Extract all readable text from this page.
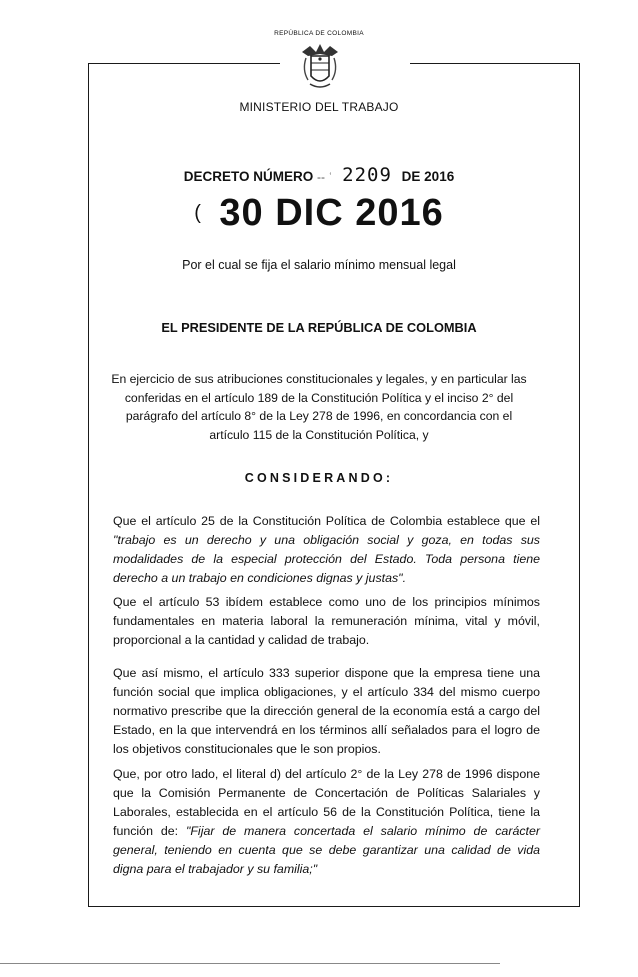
REPÚBLICA DE COLOMBIA
MINISTERIO DEL TRABAJO
DECRETO NÚMERO -- ʿ 2209 DE 2016
( 30 DIC 2016
Por el cual se fija el salario mínimo mensual legal
EL PRESIDENTE DE LA REPÚBLICA DE COLOMBIA
En ejercicio de sus atribuciones constitucionales y legales, y en particular las conferidas en el artículo 189 de la Constitución Política y el inciso 2° del parágrafo del artículo 8° de la Ley 278 de 1996, en concordancia con el artículo 115 de la Constitución Política, y
CONSIDERANDO:
Que el artículo 25 de la Constitución Política de Colombia establece que el "trabajo es un derecho y una obligación social y goza, en todas sus modalidades de la especial protección del Estado. Toda persona tiene derecho a un trabajo en condiciones dignas y justas".
Que el artículo 53 ibídem establece como uno de los principios mínimos fundamentales en materia laboral la remuneración mínima, vital y móvil, proporcional a la cantidad y calidad de trabajo.
Que así mismo, el artículo 333 superior dispone que la empresa tiene una función social que implica obligaciones, y el artículo 334 del mismo cuerpo normativo prescribe que la dirección general de la economía está a cargo del Estado, en la que intervendrá en los términos allí señalados para el logro de los objetivos constitucionales que le son propios.
Que, por otro lado, el literal d) del artículo 2° de la Ley 278 de 1996 dispone que la Comisión Permanente de Concertación de Políticas Salariales y Laborales, establecida en el artículo 56 de la Constitución Política, tiene la función de: "Fijar de manera concertada el salario mínimo de carácter general, teniendo en cuenta que se debe garantizar una calidad de vida digna para el trabajador y su familia;"
